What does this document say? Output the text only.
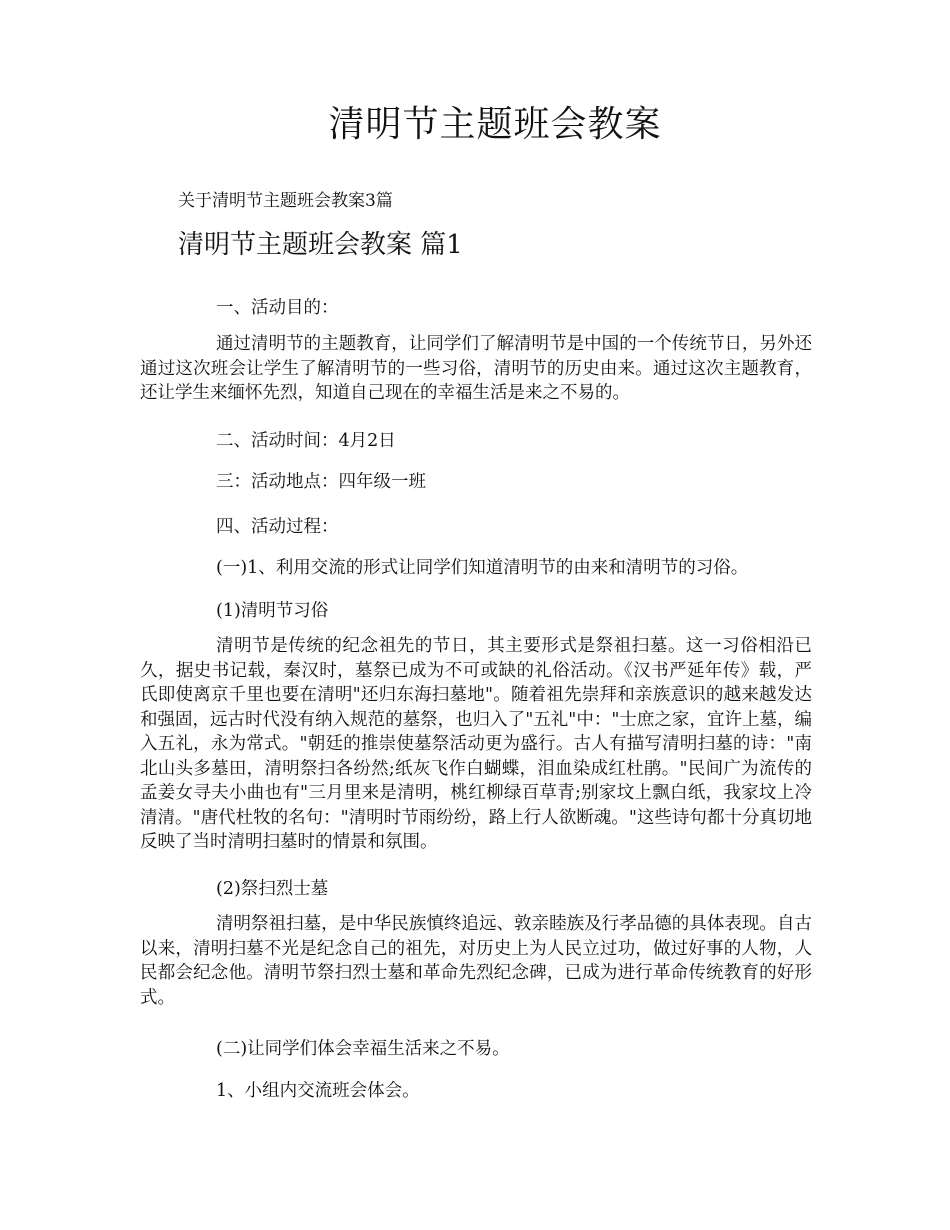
清明节主题班会教案

关于清明节主题班会教案3篇

清明节主题班会教案 篇1

一、活动目的：

通过清明节的主题教育，让同学们了解清明节是中国的一个传统节日，另外还通过这次班会让学生了解清明节的一些习俗，清明节的历史由来。通过这次主题教育，还让学生来缅怀先烈，知道自己现在的幸福生活是来之不易的。

二、活动时间：4月2日

三：活动地点：四年级一班

四、活动过程：

(一)1、利用交流的形式让同学们知道清明节的由来和清明节的习俗。

(1)清明节习俗

清明节是传统的纪念祖先的节日，其主要形式是祭祖扫墓。这一习俗相沿已久，据史书记载，秦汉时，墓祭已成为不可或缺的礼俗活动。《汉书严延年传》载，严氏即使离京千里也要在清明"还归东海扫墓地"。随着祖先崇拜和亲族意识的越来越发达和强固，远古时代没有纳入规范的墓祭，也归入了"五礼"中："士庶之家，宜许上墓，编入五礼，永为常式。"朝廷的推崇使墓祭活动更为盛行。古人有描写清明扫墓的诗："南北山头多墓田，清明祭扫各纷然;纸灰飞作白蝴蝶，泪血染成红杜鹃。"民间广为流传的孟姜女寻夫小曲也有"三月里来是清明，桃红柳绿百草青;别家坟上飘白纸，我家坟上冷清清。"唐代杜牧的名句："清明时节雨纷纷，路上行人欲断魂。"这些诗句都十分真切地反映了当时清明扫墓时的情景和氛围。

(2)祭扫烈士墓

清明祭祖扫墓，是中华民族慎终追远、敦亲睦族及行孝品德的具体表现。自古以来，清明扫墓不光是纪念自己的祖先，对历史上为人民立过功，做过好事的人物，人民都会纪念他。清明节祭扫烈士墓和革命先烈纪念碑，已成为进行革命传统教育的好形式。

(二)让同学们体会幸福生活来之不易。

1、小组内交流班会体会。
